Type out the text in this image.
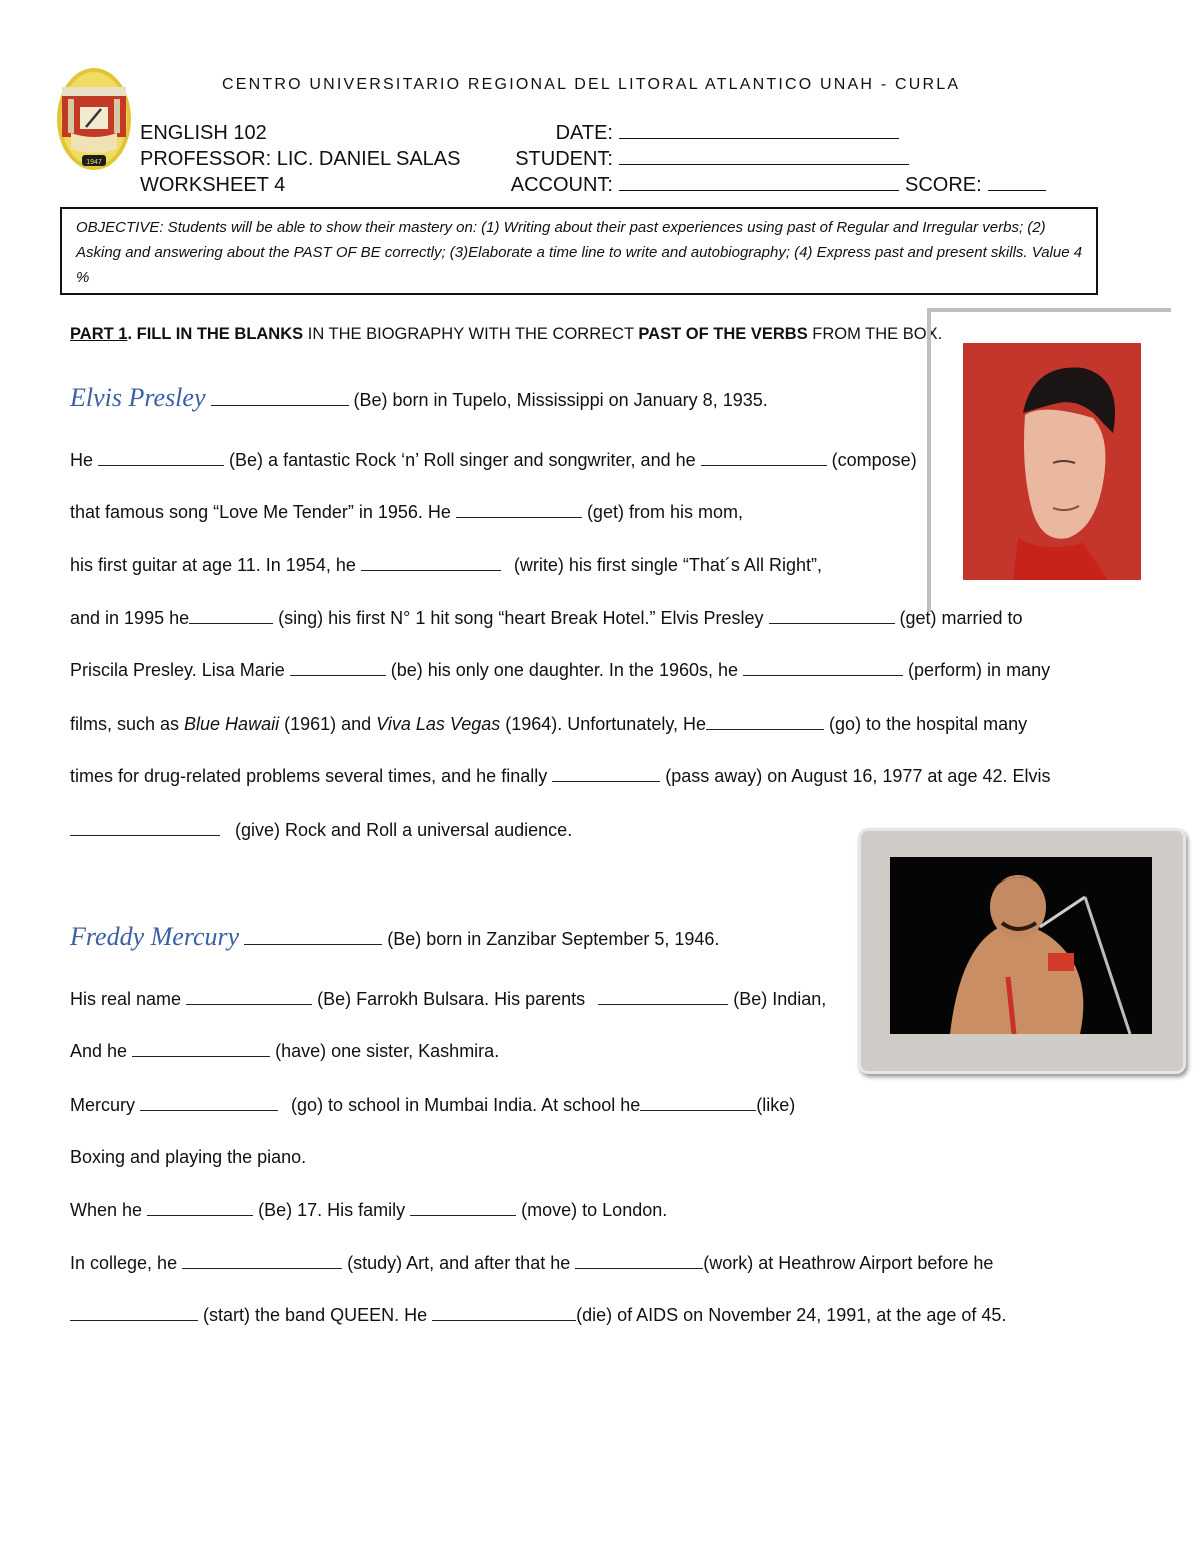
1947
CENTRO UNIVERSITARIO REGIONAL DEL LITORAL ATLANTICO UNAH - CURLA
ENGLISH 102
PROFESSOR: LIC. DANIEL SALAS
WORKSHEET 4
DATE:
STUDENT:
ACCOUNT:	SCORE:
OBJECTIVE: Students will be able to show their mastery on: (1) Writing about their past experiences using past of Regular and Irregular verbs; (2) Asking and answering about the PAST OF BE correctly; (3)Elaborate a time line to write and autobiography; (4) Express past and present skills. Value 4 %
PART 1. FILL IN THE BLANKS IN THE BIOGRAPHY WITH THE CORRECT PAST OF THE VERBS FROM THE BOX.
Elvis Presley	(Be) born in Tupelo, Mississippi on January 8, 1935.
He	(Be) a fantastic Rock ‘n’ Roll singer and songwriter, and he	(compose)
that famous song “Love Me Tender” in 1956. He	(get) from his mom,
his first guitar at age 11. In 1954, he	(write) his first single “That´s All Right”,
and in 1995 he	(sing) his first N° 1 hit song “heart Break Hotel.” Elvis Presley	(get) married to
Priscila Presley. Lisa Marie	(be) his only one daughter. In the 1960s, he	(perform) in many
films, such as Blue Hawaii (1961) and Viva Las Vegas (1964). Unfortunately, He	(go) to the hospital many
times for drug-related problems several times, and he finally	(pass away) on August 16, 1977 at age 42. Elvis
(give) Rock and Roll a universal audience.
Freddy Mercury	(Be) born in Zanzibar September 5, 1946.
His real name	(Be) Farrokh Bulsara. His parents	(Be) Indian,
And he	(have) one sister, Kashmira.
Mercury	(go) to school in Mumbai India. At school he	(like)
Boxing and playing the piano.
When he	(Be) 17. His family	(move) to London.
In college, he	(study) Art, and after that he	(work) at Heathrow Airport before he
(start) the band QUEEN. He	(die) of AIDS on November 24, 1991, at the age of 45.
